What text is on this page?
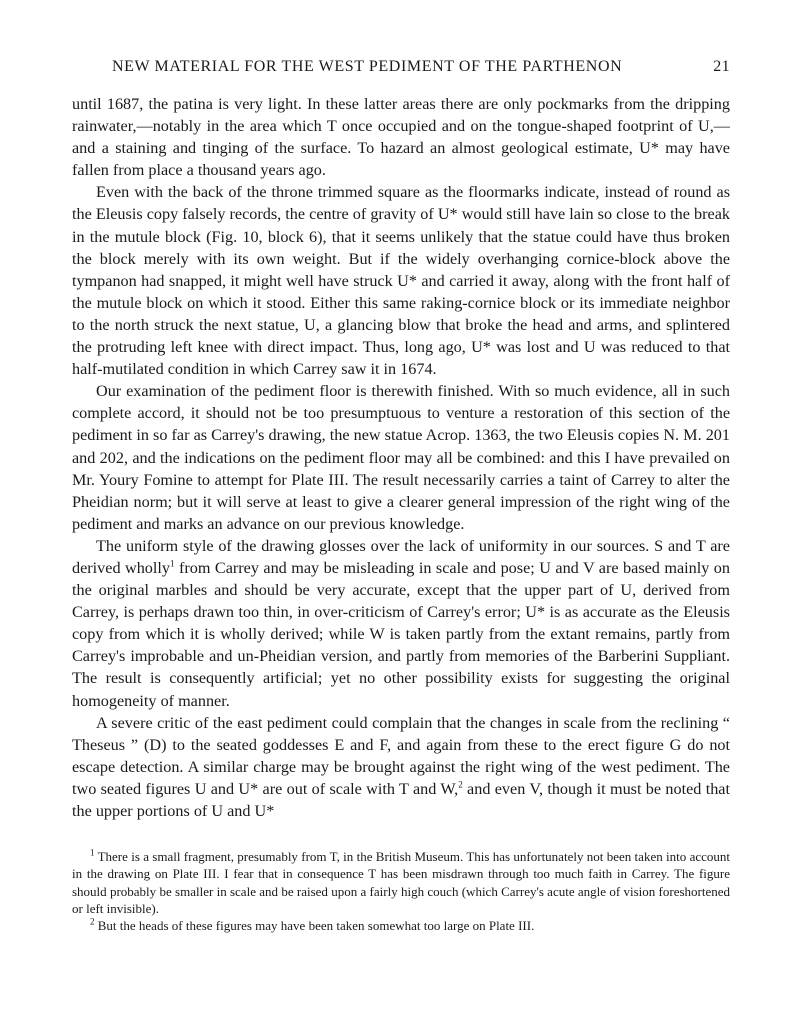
NEW MATERIAL FOR THE WEST PEDIMENT OF THE PARTHENON	21

until 1687, the patina is very light. In these latter areas there are only pockmarks from the dripping rainwater,—notably in the area which T once occupied and on the tongue-shaped footprint of U,—and a staining and tinging of the surface. To hazard an almost geological estimate, U* may have fallen from place a thousand years ago.

Even with the back of the throne trimmed square as the floormarks indicate, instead of round as the Eleusis copy falsely records, the centre of gravity of U* would still have lain so close to the break in the mutule block (Fig. 10, block 6), that it seems unlikely that the statue could have thus broken the block merely with its own weight. But if the widely overhanging cornice-block above the tympanon had snapped, it might well have struck U* and carried it away, along with the front half of the mutule block on which it stood. Either this same raking-cornice block or its immediate neighbor to the north struck the next statue, U, a glancing blow that broke the head and arms, and splintered the protruding left knee with direct impact. Thus, long ago, U* was lost and U was reduced to that half-mutilated condition in which Carrey saw it in 1674.

Our examination of the pediment floor is therewith finished. With so much evidence, all in such complete accord, it should not be too presumptuous to venture a restoration of this section of the pediment in so far as Carrey's drawing, the new statue Acrop. 1363, the two Eleusis copies N. M. 201 and 202, and the indications on the pediment floor may all be combined: and this I have prevailed on Mr. Youry Fomine to attempt for Plate III. The result necessarily carries a taint of Carrey to alter the Pheidian norm; but it will serve at least to give a clearer general impression of the right wing of the pediment and marks an advance on our previous knowledge.

The uniform style of the drawing glosses over the lack of uniformity in our sources. S and T are derived wholly$^1$ from Carrey and may be misleading in scale and pose; U and V are based mainly on the original marbles and should be very accurate, except that the upper part of U, derived from Carrey, is perhaps drawn too thin, in over-criticism of Carrey's error; U* is as accurate as the Eleusis copy from which it is wholly derived; while W is taken partly from the extant remains, partly from Carrey's improbable and un-Pheidian version, and partly from memories of the Barberini Suppliant. The result is consequently artificial; yet no other possibility exists for suggesting the original homogeneity of manner.

A severe critic of the east pediment could complain that the changes in scale from the reclining “ Theseus ” (D) to the seated goddesses E and F, and again from these to the erect figure G do not escape detection. A similar charge may be brought against the right wing of the west pediment. The two seated figures U and U* are out of scale with T and W,$^2$ and even V, though it must be noted that the upper portions of U and U*

$^1$ There is a small fragment, presumably from T, in the British Museum. This has unfortunately not been taken into account in the drawing on Plate III. I fear that in consequence T has been misdrawn through too much faith in Carrey. The figure should probably be smaller in scale and be raised upon a fairly high couch (which Carrey's acute angle of vision foreshortened or left invisible).

$^2$ But the heads of these figures may have been taken somewhat too large on Plate III.
